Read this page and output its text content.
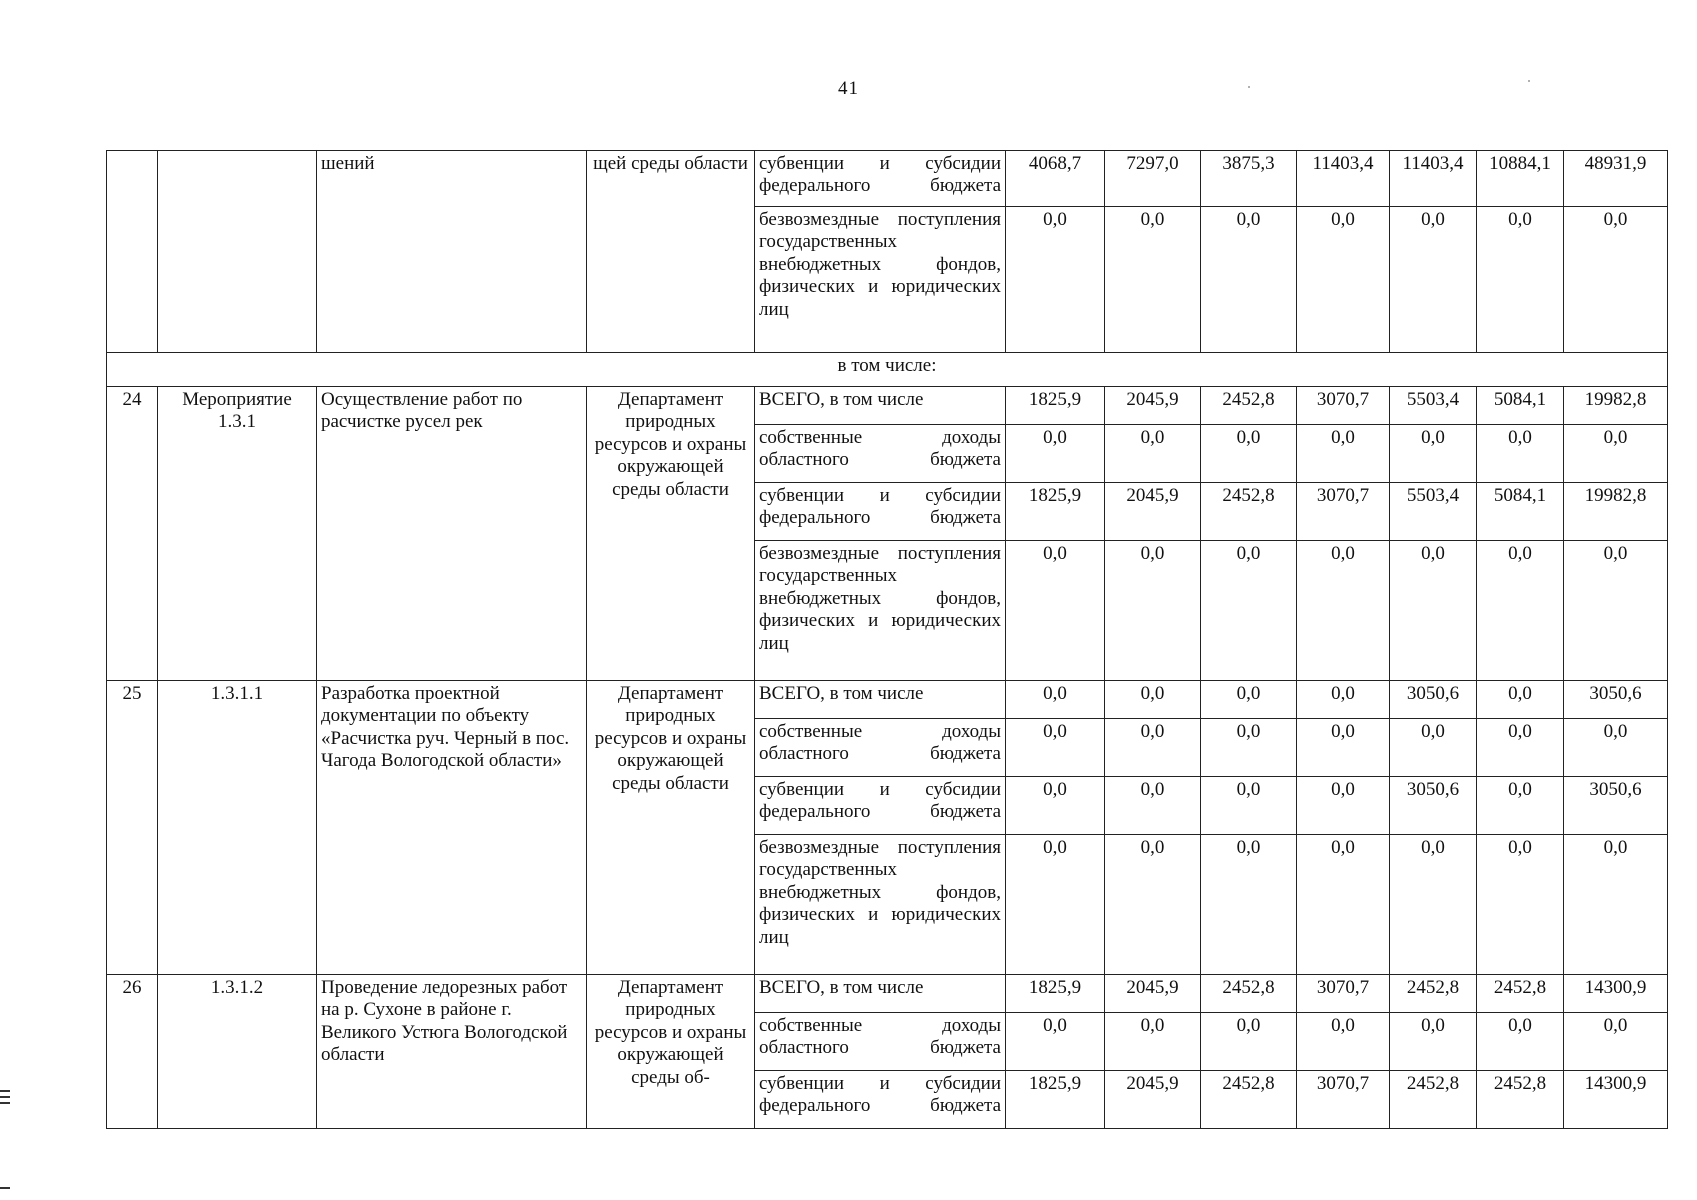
41
		шений	щей среды области	субвенции и субсидии федерального бюджета	4068,7	7297,0	3875,3	11403,4	11403,4	10884,1	48931,9
				безвозмездные поступления государственных внебюджетных фондов, физических и юридических лиц	0,0	0,0	0,0	0,0	0,0	0,0	0,0
в том числе:											
24	Мероприятие 1.3.1	Осуществление работ по расчистке русел рек	Департамент природных ресурсов и охраны окружающей среды области	ВСЕГО, в том числе	1825,9	2045,9	2452,8	3070,7	5503,4	5084,1	19982,8
				собственные доходы областного бюджета	0,0	0,0	0,0	0,0	0,0	0,0	0,0
				субвенции и субсидии федерального бюджета	1825,9	2045,9	2452,8	3070,7	5503,4	5084,1	19982,8
				безвозмездные поступления государственных внебюджетных фондов, физических и юридических лиц	0,0	0,0	0,0	0,0	0,0	0,0	0,0
25	1.3.1.1	Разработка проектной документации по объекту «Расчистка руч. Черный в пос. Чагода Вологодской области»	Департамент природных ресурсов и охраны окружающей среды области	ВСЕГО, в том числе	0,0	0,0	0,0	0,0	3050,6	0,0	3050,6
				собственные доходы областного бюджета	0,0	0,0	0,0	0,0	0,0	0,0	0,0
				субвенции и субсидии федерального бюджета	0,0	0,0	0,0	0,0	3050,6	0,0	3050,6
				безвозмездные поступления государственных внебюджетных фондов, физических и юридических лиц	0,0	0,0	0,0	0,0	0,0	0,0	0,0
26	1.3.1.2	Проведение ледорезных работ на р. Сухоне в районе г. Великого Устюга Вологодской области	Департамент природных ресурсов и охраны окружающей среды об-	ВСЕГО, в том числе	1825,9	2045,9	2452,8	3070,7	2452,8	2452,8	14300,9
				собственные доходы областного бюджета	0,0	0,0	0,0	0,0	0,0	0,0	0,0
				субвенции и субсидии федерального бюджета	1825,9	2045,9	2452,8	3070,7	2452,8	2452,8	14300,9
